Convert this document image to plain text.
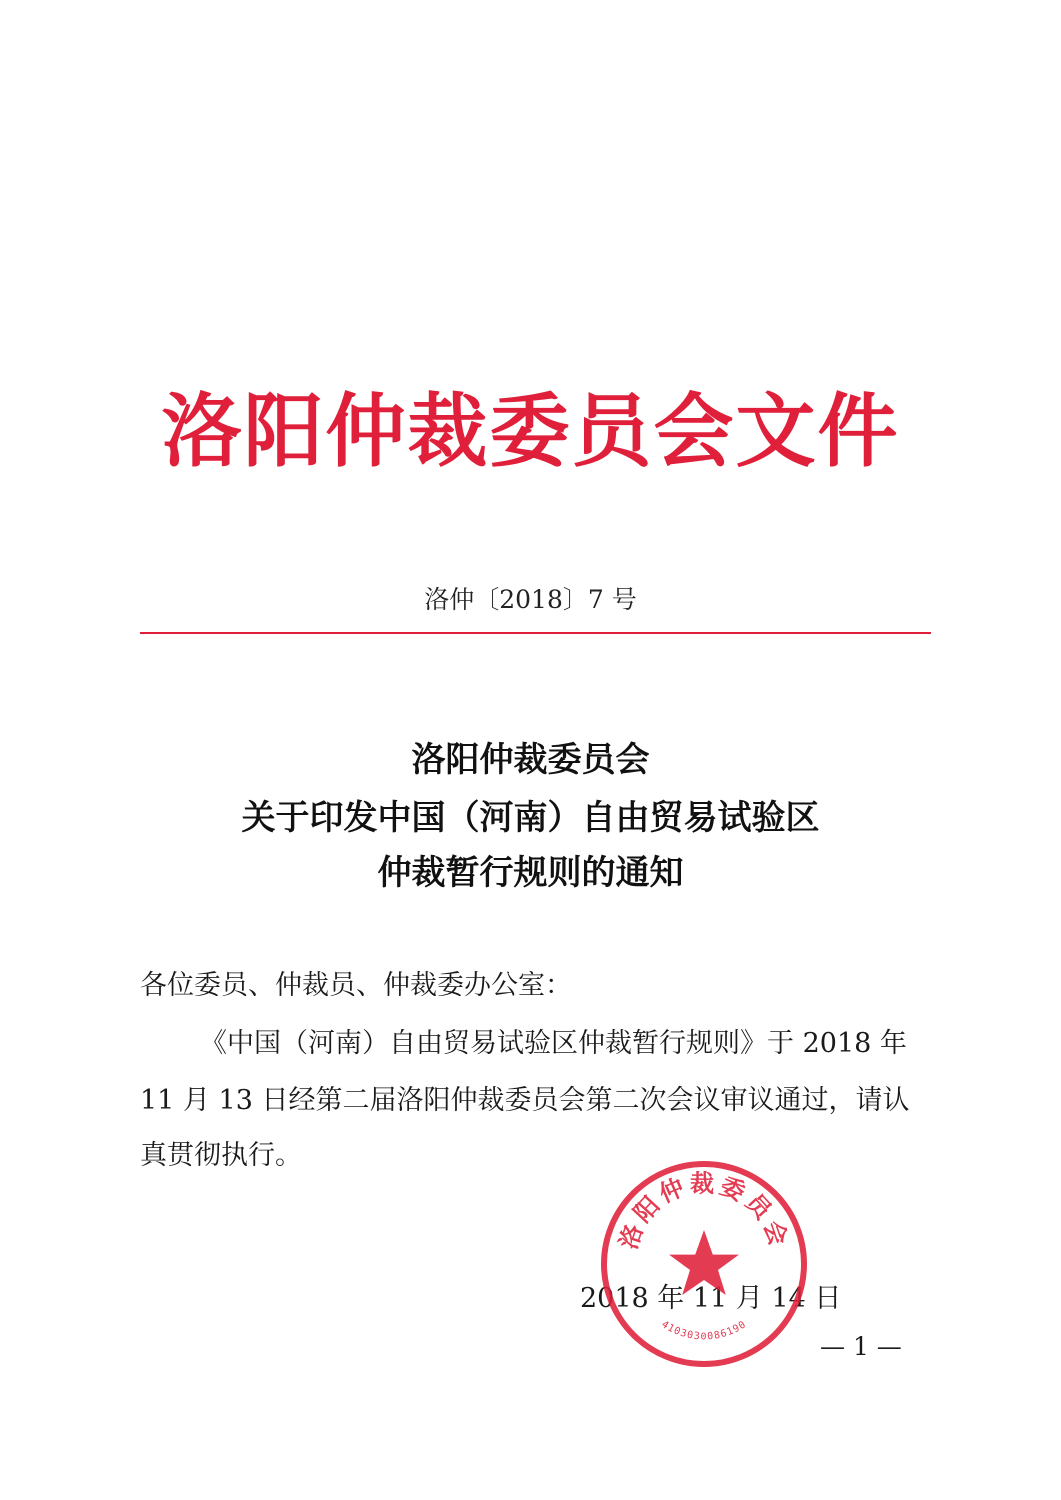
洛阳仲裁委员会文件
洛仲〔2018〕7 号
洛阳仲裁委员会
关于印发中国（河南）自由贸易试验区
仲裁暂行规则的通知
各位委员、仲裁员、仲裁委办公室：
《中国（河南）自由贸易试验区仲裁暂行规则》于 2018 年
11 月 13 日经第二届洛阳仲裁委员会第二次会议审议通过，请认
真贯彻执行。
2018 年 11 月 14 日
洛阳仲裁委员会
4103030086190
— 1 —
